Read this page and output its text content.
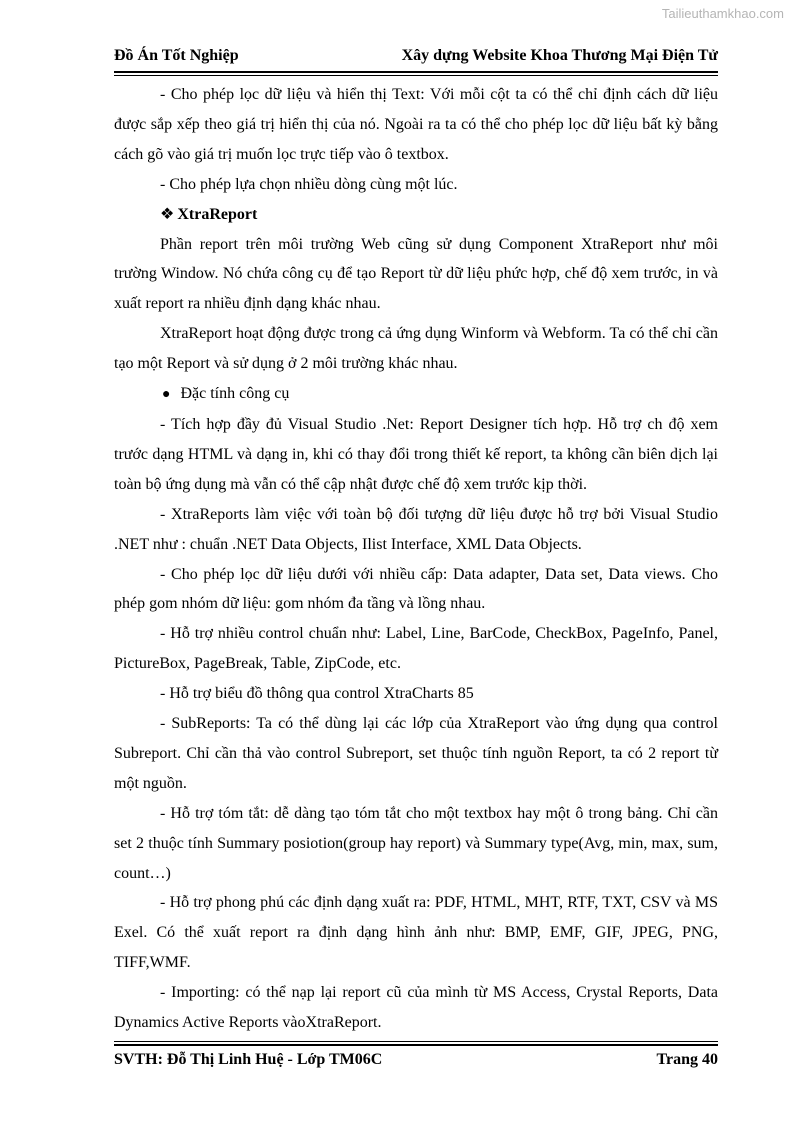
Tailieuthamkhao.com
Đồ Án Tốt Nghiệp	Xây dựng Website Khoa Thương Mại Điện Tử

- Cho phép lọc dữ liệu và hiển thị Text: Với mỗi cột ta có thể chỉ định cách dữ liệu được sắp xếp theo giá trị hiển thị của nó. Ngoài ra ta có thể cho phép lọc dữ liệu bất kỳ bằng cách gõ vào giá trị muốn lọc trực tiếp vào ô textbox.

- Cho phép lựa chọn nhiều dòng cùng một lúc.

❖ XtraReport

Phần report trên môi trường Web cũng sử dụng Component XtraReport như môi trường Window. Nó chứa công cụ để tạo Report từ dữ liệu phức hợp, chế độ xem trước, in và xuất report ra nhiều định dạng khác nhau.

XtraReport hoạt động được trong cả ứng dụng Winform và Webform. Ta có thể chỉ cần tạo một Report và sử dụng ở 2 môi trường khác nhau.

● Đặc tính công cụ

- Tích hợp đầy đủ Visual Studio .Net: Report Designer tích hợp. Hỗ trợ ch độ xem trước dạng HTML và dạng in, khi có thay đổi trong thiết kế report, ta không cần biên dịch lại toàn bộ ứng dụng mà vẫn có thể cập nhật được chế độ xem trước kịp thời.

- XtraReports làm việc với toàn bộ đối tượng dữ liệu được hỗ trợ bởi Visual Studio .NET như : chuẩn .NET Data Objects, Ilist Interface, XML Data Objects.

- Cho phép lọc dữ liệu dưới với nhiều cấp: Data adapter, Data set, Data views. Cho phép gom nhóm dữ liệu: gom nhóm đa tầng và lồng nhau.

- Hỗ trợ nhiều control chuẩn như: Label, Line, BarCode, CheckBox, PageInfo, Panel, PictureBox, PageBreak, Table, ZipCode, etc.

- Hỗ trợ biểu đồ thông qua control XtraCharts 85

- SubReports: Ta có thể dùng lại các lớp của XtraReport vào ứng dụng qua control Subreport. Chỉ cần thả vào control Subreport, set thuộc tính nguồn Report, ta có 2 report từ một nguồn.

- Hỗ trợ tóm tắt: dễ dàng tạo tóm tắt cho một textbox hay một ô trong bảng. Chỉ cần set 2 thuộc tính Summary posiotion(group hay report) và Summary type(Avg, min, max, sum, count…)

- Hỗ trợ phong phú các định dạng xuất ra: PDF, HTML, MHT, RTF, TXT, CSV và MS Exel. Có thể xuất report ra định dạng hình ảnh như: BMP, EMF, GIF, JPEG, PNG, TIFF,WMF.

- Importing: có thể nạp lại report cũ của mình từ MS Access, Crystal Reports, Data Dynamics Active Reports vàoXtraReport.

SVTH: Đỗ Thị Linh Huệ - Lớp TM06C	Trang 40
